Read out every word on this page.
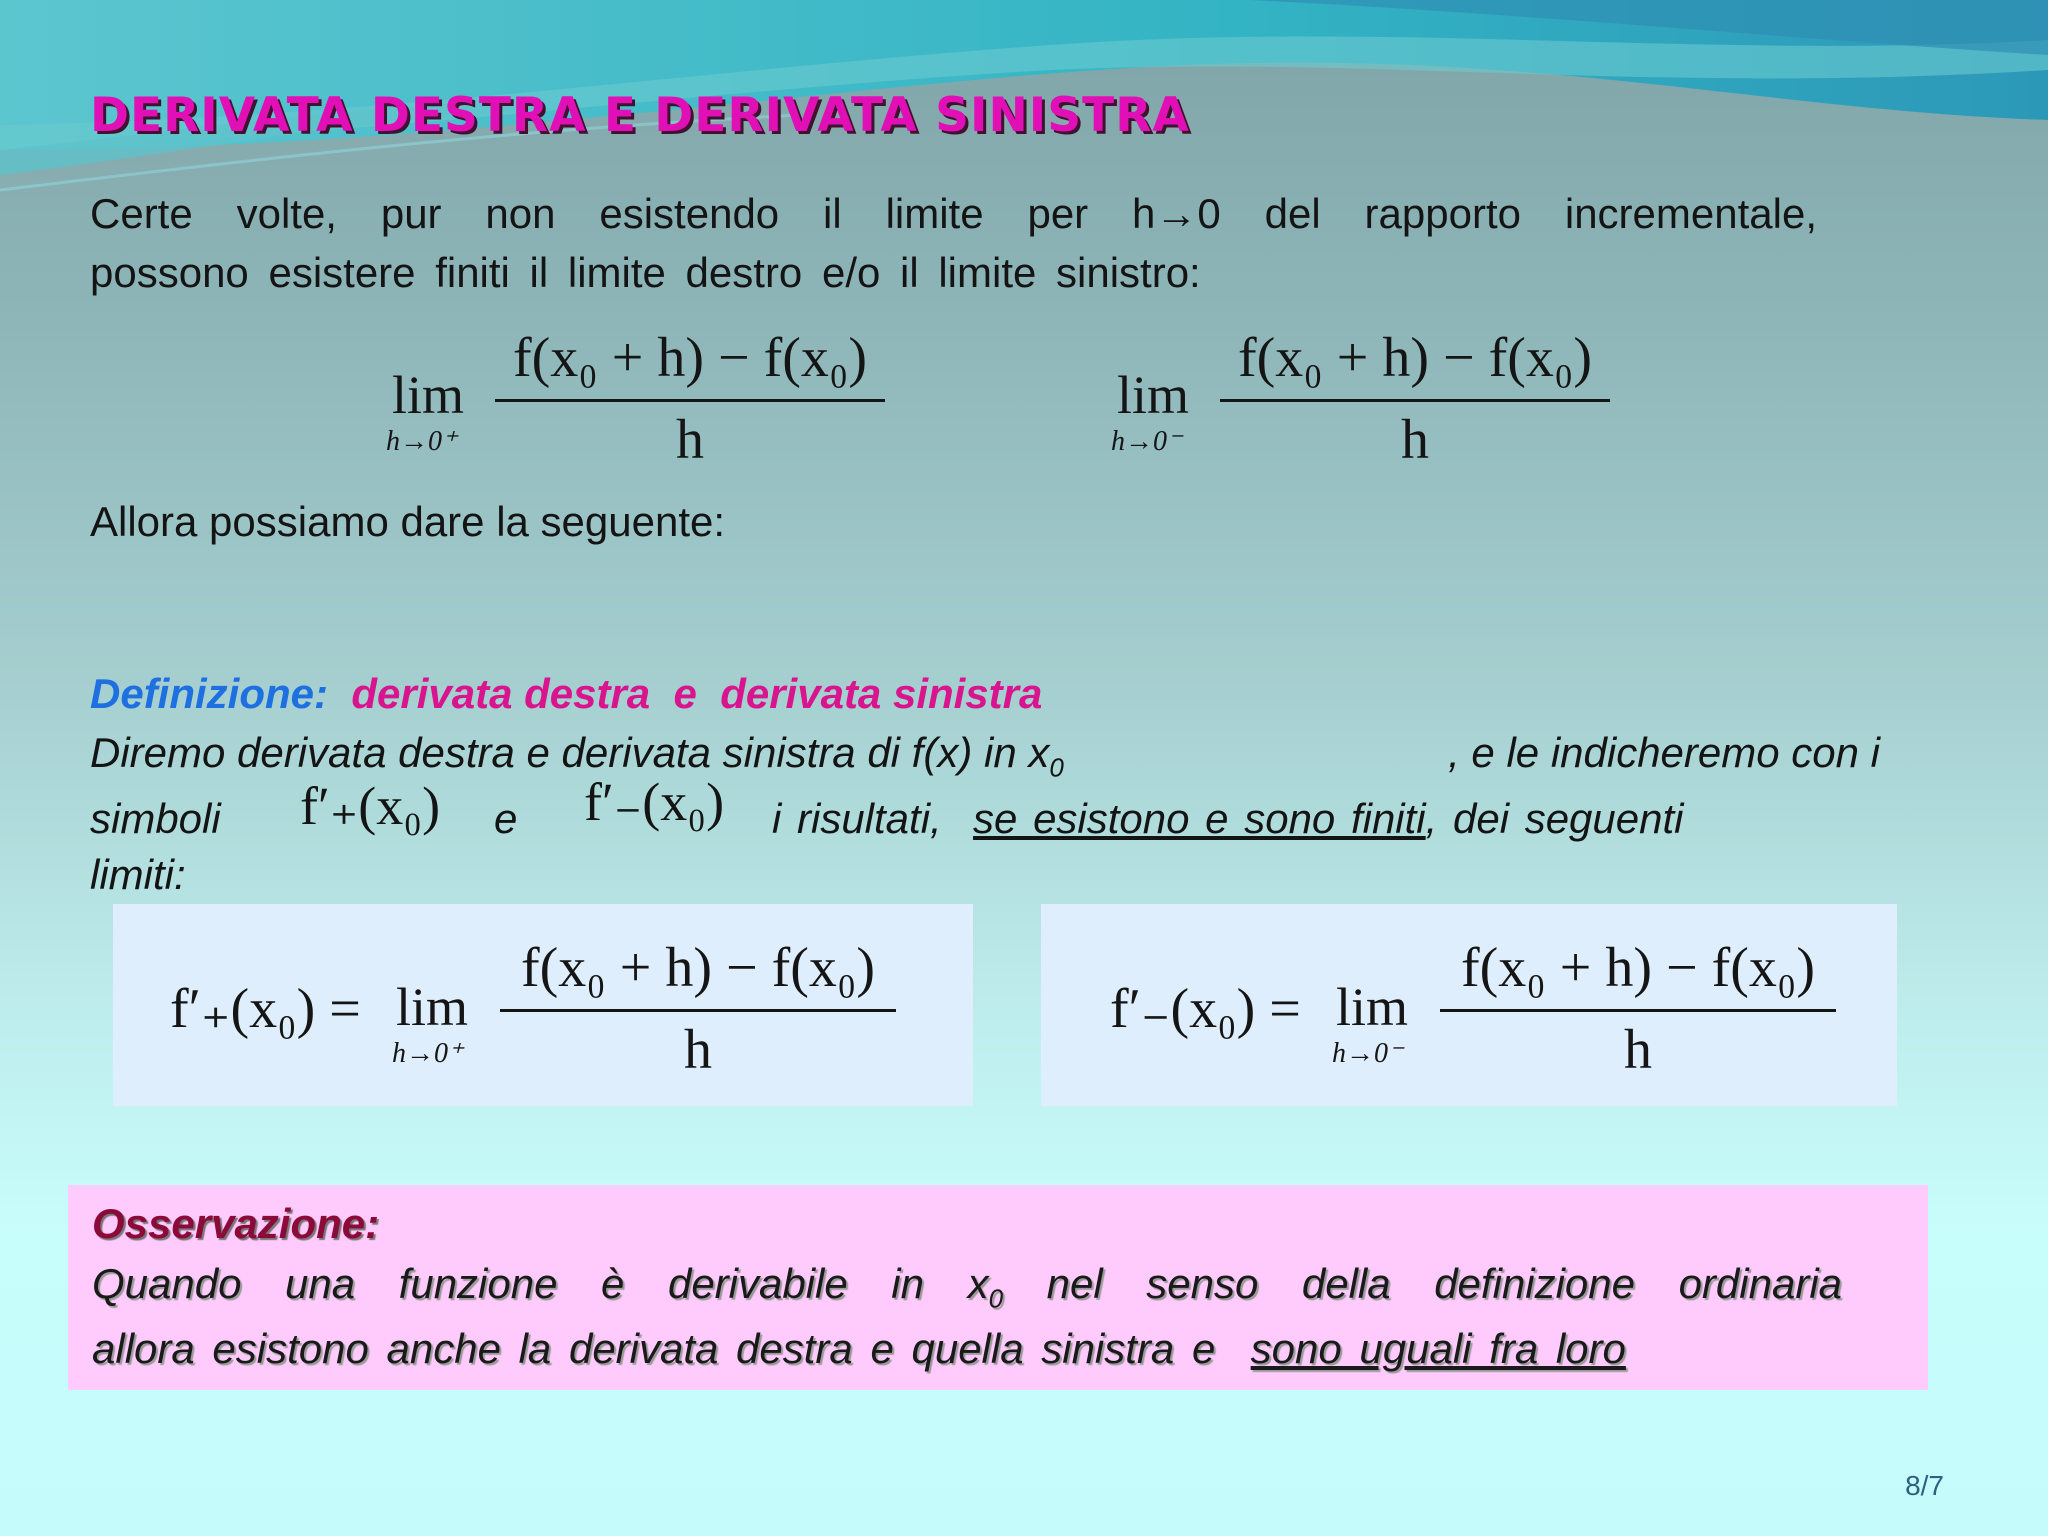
DERIVATA DESTRA E DERIVATA SINISTRA
Certe volte, pur non esistendo il limite per h→0 del rapporto incrementale,
possono esistere finiti il limite destro e/o il limite sinistro:
lim
h→0⁺
f(x₀ + h) − f(x₀)
h
lim
h→0⁻
f(x₀ + h) − f(x₀)
h
Allora possiamo dare la seguente:
Definizione: derivata destra  e  derivata sinistra
Diremo derivata destra e derivata sinistra di f(x) in $x_0$	, e le indicheremo con i
simboli f′₊(x₀) e f′₋(x₀) i risultati, se esistono e sono finiti, dei seguenti
limiti:
f′₊(x₀) = lim
h→0⁺
f(x₀ + h) − f(x₀)
h
f′₋(x₀) = lim
h→0⁻
f(x₀ + h) − f(x₀)
h
Osservazione:
Quando una funzione è derivabile in $x_0$ nel senso della definizione ordinaria
allora esistono anche la derivata destra e quella sinistra e sono uguali fra loro
8/7
